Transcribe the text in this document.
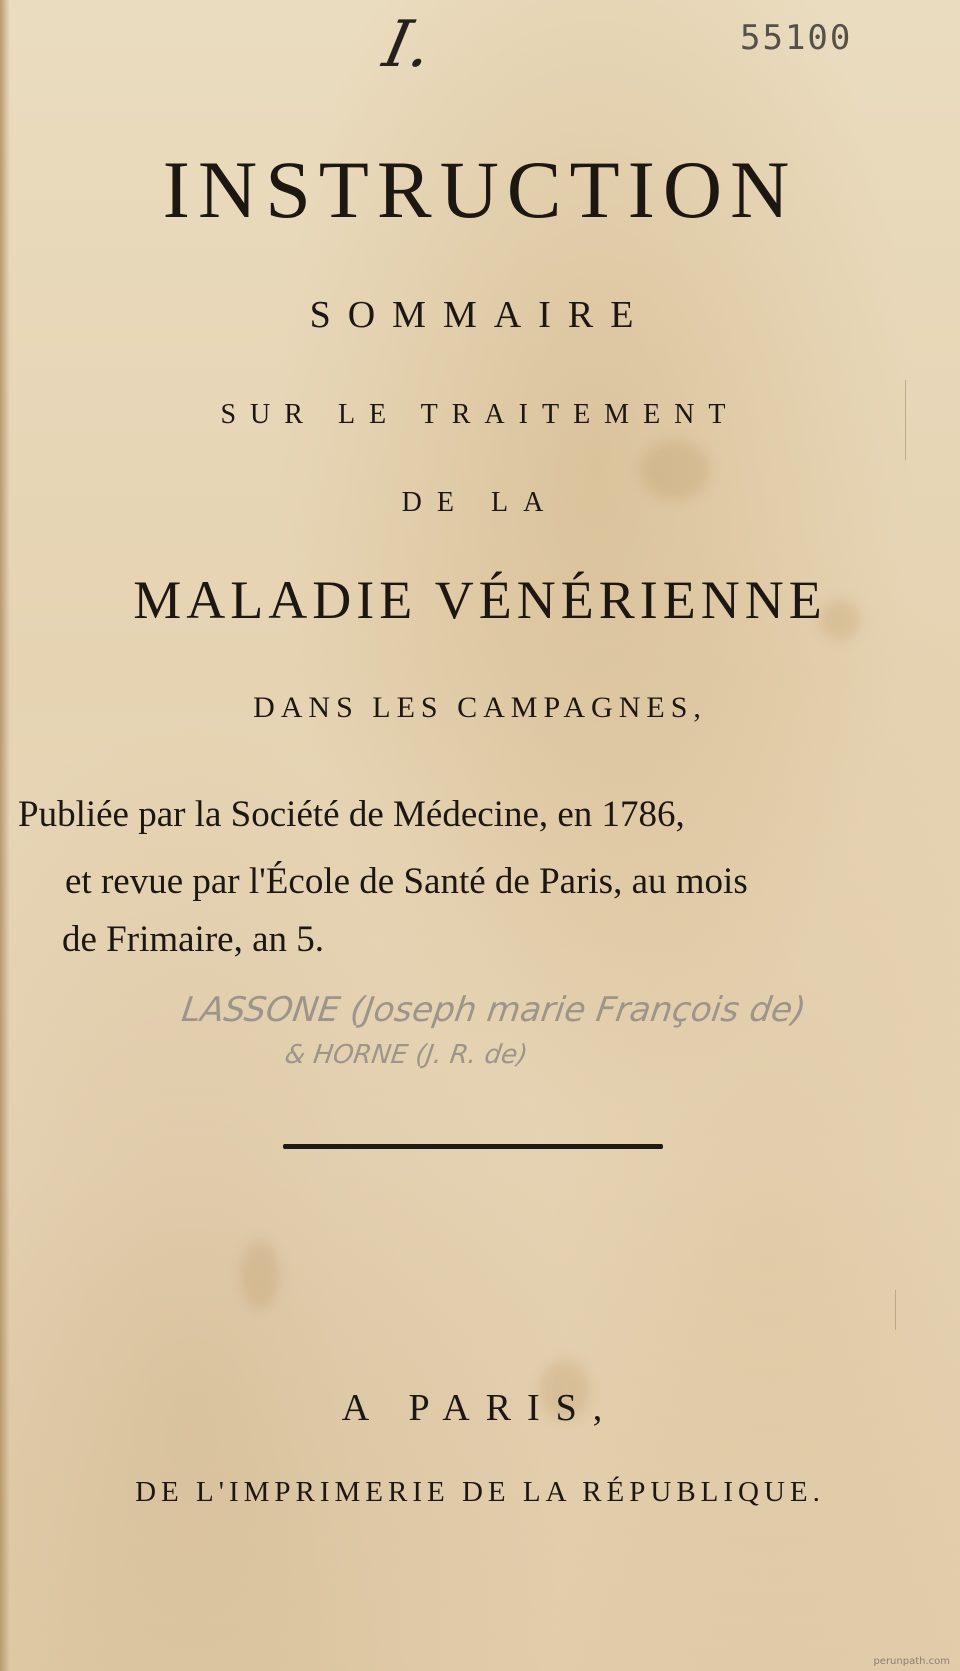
I.	55100
INSTRUCTION
SOMMAIRE
SUR LE TRAITEMENT
DE LA
MALADIE VÉNÉRIENNE
DANS LES CAMPAGNES,
Publiée par la Société de Médecine, en 1786,
et revue par l'École de Santé de Paris, au mois
de Frimaire, an 5.
LASSONE (Joseph marie François de)
& HORNE (J. R. de)
A PARIS,
DE L'IMPRIMERIE DE LA RÉPUBLIQUE.
perunpath.com
